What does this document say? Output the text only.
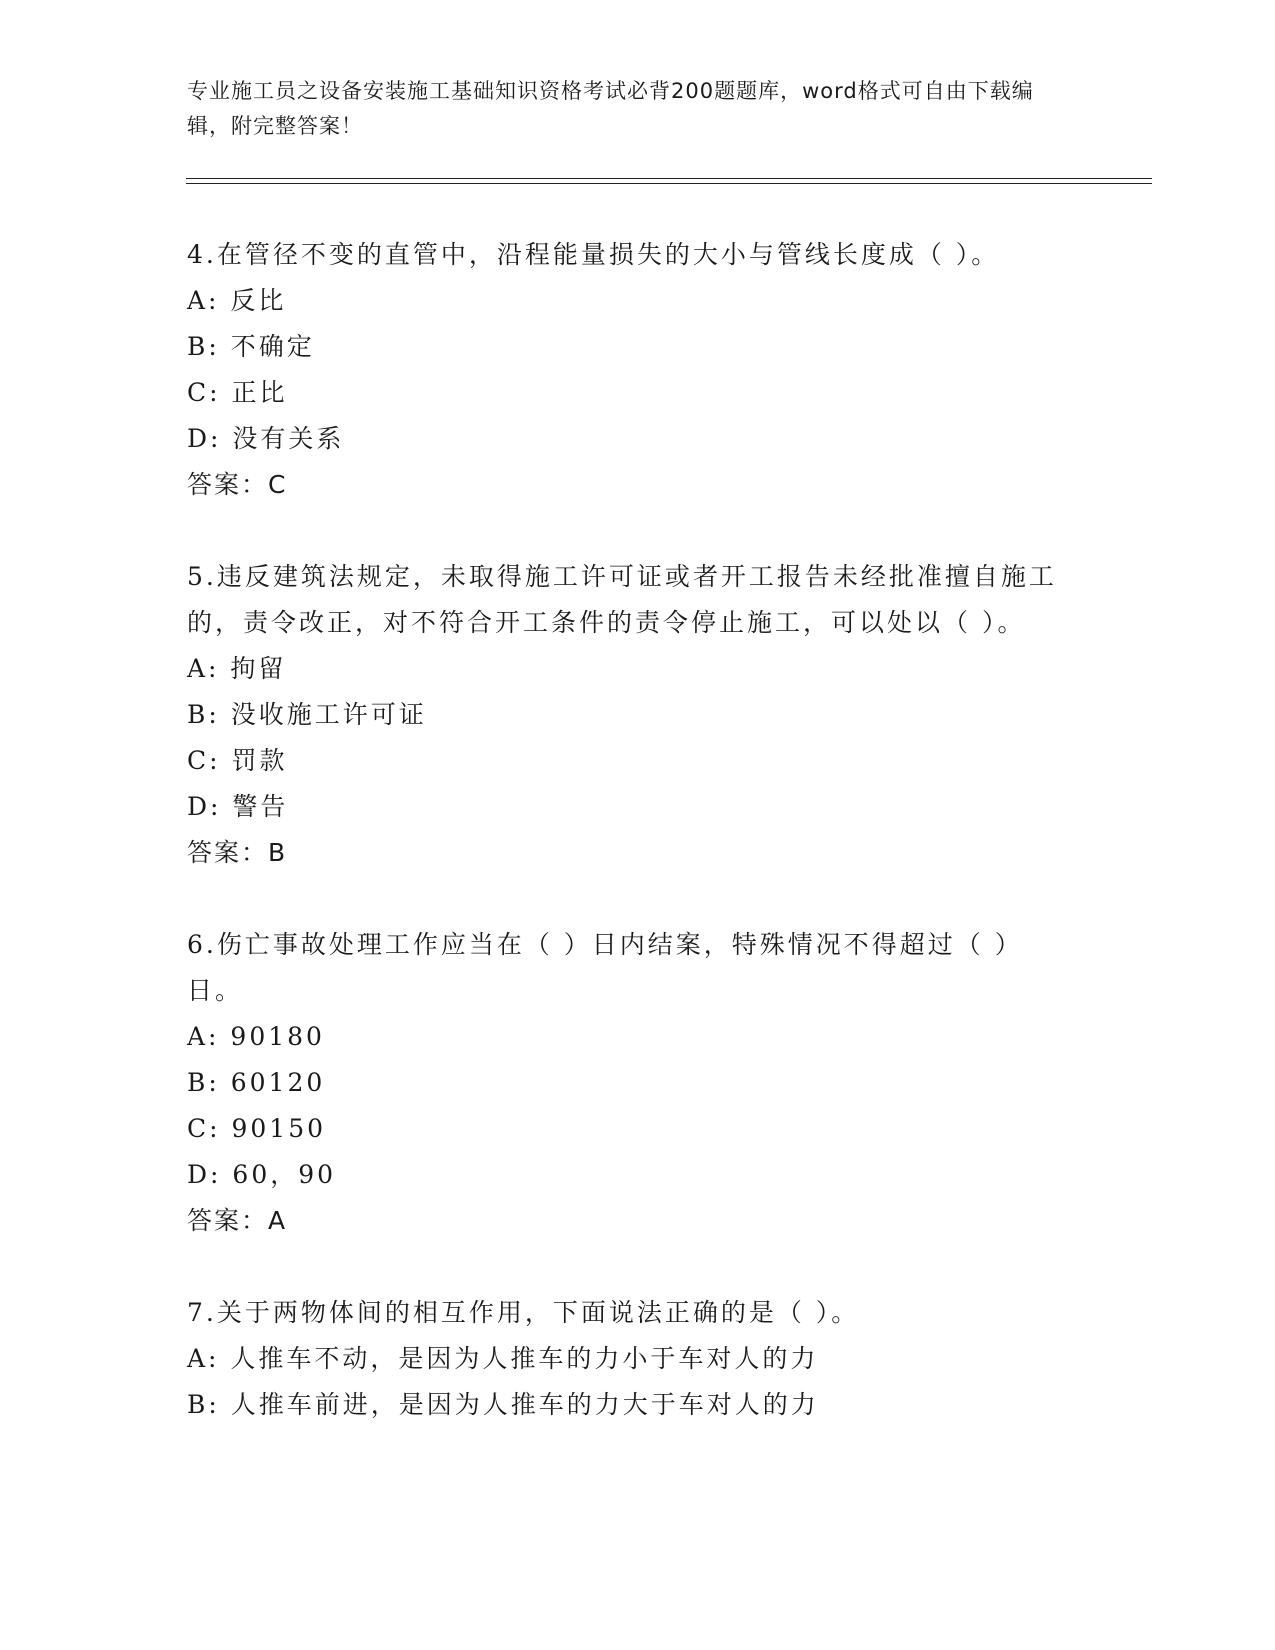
专业施工员之设备安装施工基础知识资格考试必背200题题库，word格式可自由下载编辑，附完整答案！
4.在管径不变的直管中，沿程能量损失的大小与管线长度成（ ）。
A: 反比
B: 不确定
C: 正比
D: 没有关系
答案：C
5.违反建筑法规定，未取得施工许可证或者开工报告未经批准擅自施工的，责令改正，对不符合开工条件的责令停止施工，可以处以（ ）。
A: 拘留
B: 没收施工许可证
C: 罚款
D: 警告
答案：B
6.伤亡事故处理工作应当在（ ）日内结案，特殊情况不得超过（ ）日。
A: 90180
B: 60120
C: 90150
D: 60，90
答案：A
7.关于两物体间的相互作用，下面说法正确的是（ ）。
A: 人推车不动，是因为人推车的力小于车对人的力
B: 人推车前进，是因为人推车的力大于车对人的力
